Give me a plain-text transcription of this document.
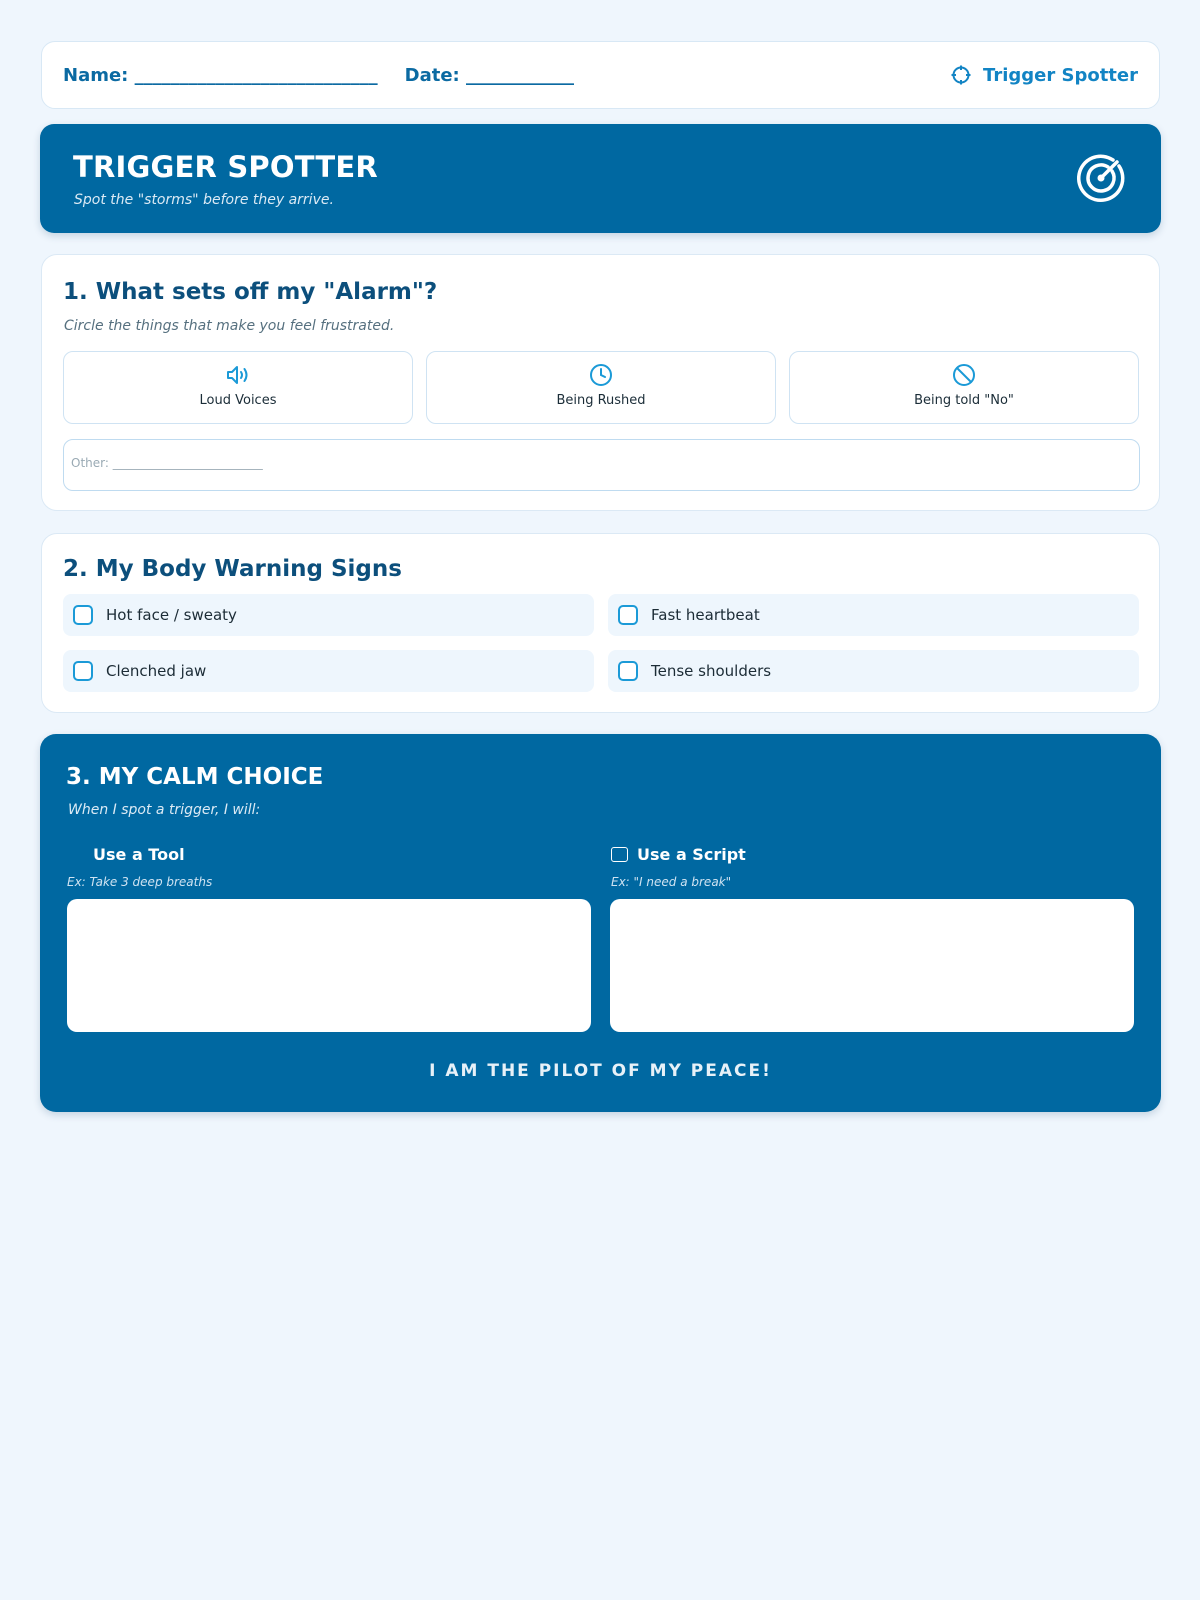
Name: ___________________________ Date: ____________	Trigger Spotter
TRIGGER SPOTTER
Spot the "storms" before they arrive.
1. What sets off my "Alarm"?
Circle the things that make you feel frustrated.
Loud Voices	Being Rushed	Being told "No"
Other: _________________________
2. My Body Warning Signs
Hot face / sweaty	Fast heartbeat
Clenched jaw	Tense shoulders
3. MY CALM CHOICE
When I spot a trigger, I will:
Use a Tool	Use a Script
Ex: Take 3 deep breaths	Ex: "I need a break"
I AM THE PILOT OF MY PEACE!
